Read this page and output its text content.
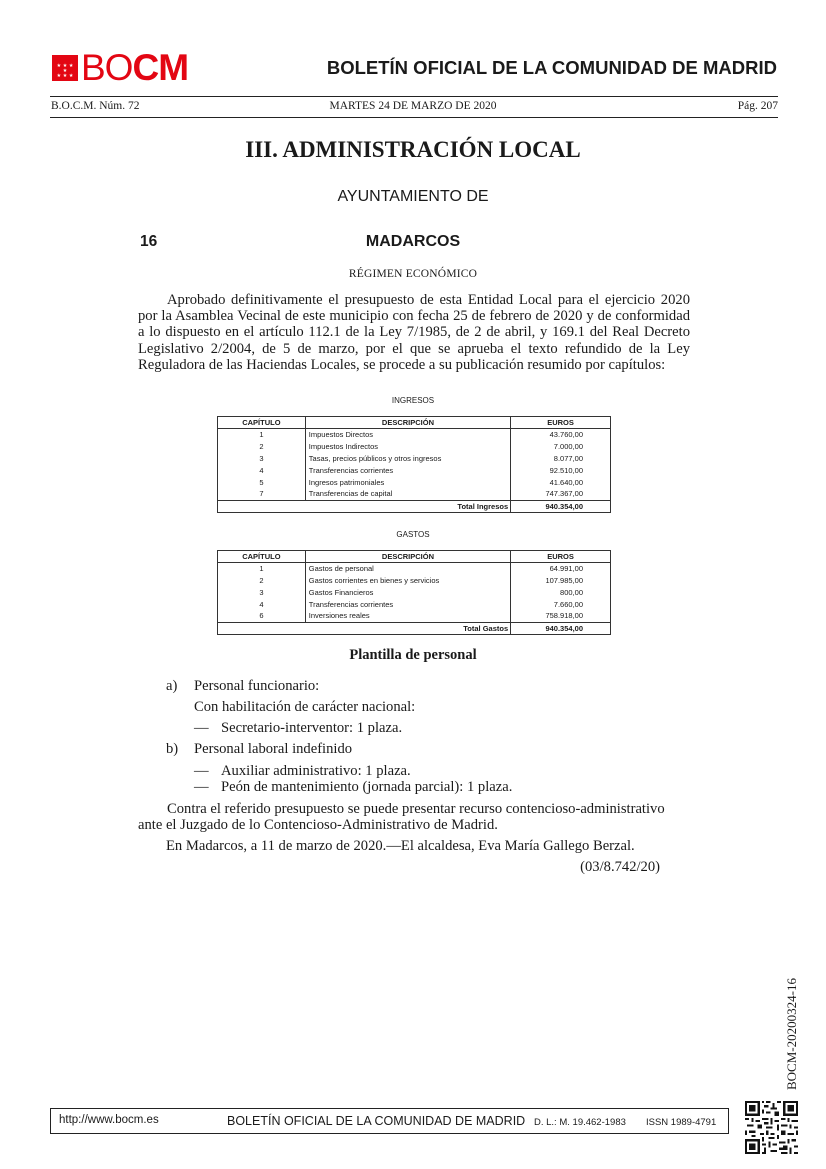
★ ★ ★ ★
★ ★ ★ BOCM	BOLETÍN OFICIAL DE LA COMUNIDAD DE MADRID
B.O.C.M. Núm. 72	MARTES 24 DE MARZO DE 2020	Pág. 207
III. ADMINISTRACIÓN LOCAL
AYUNTAMIENTO DE
16	MADARCOS
RÉGIMEN ECONÓMICO

Aprobado definitivamente el presupuesto de esta Entidad Local para el ejercicio 2020 por la Asamblea Vecinal de este municipio con fecha 25 de febrero de 2020 y de conformidad a lo dispuesto en el artículo 112.1 de la Ley 7/1985, de 2 de abril, y 169.1 del Real Decreto Legislativo 2/2004, de 5 de marzo, por el que se aprueba el texto refundido de la Ley Reguladora de las Haciendas Locales, se procede a su publicación resumido por capítulos:

INGRESOS
CAPÍTULO	DESCRIPCIÓN	EUROS
1	Impuestos Directos	43.760,00
2	Impuestos Indirectos	7.000,00
3	Tasas, precios públicos y otros ingresos	8.077,00
4	Transferencias corrientes	92.510,00
5	Ingresos patrimoniales	41.640,00
7	Transferencias de capital	747.367,00
Total Ingresos		940.354,00
GASTOS
CAPÍTULO	DESCRIPCIÓN	EUROS
1	Gastos de personal	64.991,00
2	Gastos corrientes en bienes y servicios	107.985,00
3	Gastos Financieros	800,00
4	Transferencias corrientes	7.660,00
6	Inversiones reales	758.918,00
Total Gastos		940.354,00
Plantilla de personal
a) Personal funcionario:
Con habilitación de carácter nacional:
— Secretario-interventor: 1 plaza.
b) Personal laboral indefinido
— Auxiliar administrativo: 1 plaza.
— Peón de mantenimiento (jornada parcial): 1 plaza.

Contra el referido presupuesto se puede presentar recurso contencioso-administrativo ante el Juzgado de lo Contencioso-Administrativo de Madrid.

En Madarcos, a 11 de marzo de 2020.—El alcaldesa, Eva María Gallego Berzal.
(03/8.742/20)
BOCM-20200324-16
http://www.bocm.es	BOLETÍN OFICIAL DE LA COMUNIDAD DE MADRID D. L.: M. 19.462-1983 ISSN 1989-4791
